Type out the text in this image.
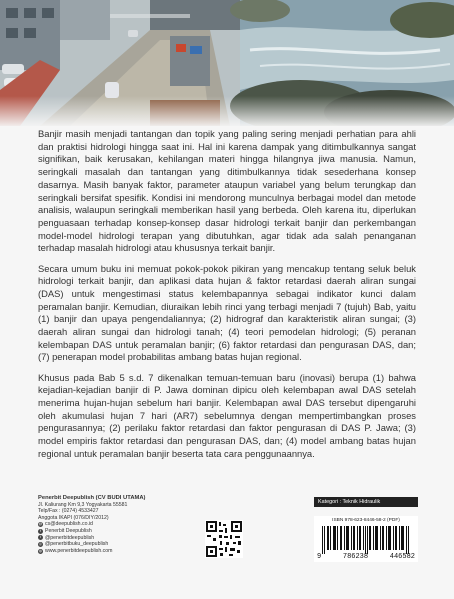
Banjir masih menjadi tantangan dan topik yang paling sering menjadi perhatian para ahli dan praktisi hidrologi hingga saat ini. Hal ini karena dampak yang ditimbulkannya sangat signifikan, baik kerusakan, kehilangan materi hingga hilangnya jiwa manusia. Namun, seringkali masalah dan tantangan yang ditimbulkannya tidak sesederhana konsep dasarnya. Masih banyak faktor, parameter ataupun variabel yang belum terungkap dan seringkali bersifat spesifik. Kondisi ini mendorong munculnya berbagai model dan metode analisis, walaupun seringkali memberikan hasil yang berbeda. Oleh karena itu, diperlukan penguasaan terhadap konsep-konsep dasar hidrologi terkait banjir dan perkembangan model-model hidrologi terapan yang dibutuhkan, agar tidak ada salah penanganan terhadap masalah hidrologi atau khususnya terkait banjir.

Secara umum buku ini memuat pokok-pokok pikiran yang mencakup tentang seluk beluk hidrologi terkait banjir, dan aplikasi data hujan & faktor retardasi daerah aliran sungai (DAS) untuk mengestimasi status kelembapannya sebagai indikator kunci dalam peramalan banjir. Kemudian, diuraikan lebih rinci yang terbagi menjadi 7 (tujuh) Bab, yaitu (1) banjir dan upaya pengendaliannya; (2) hidrograf dan karakteristik aliran sungai; (3) daerah aliran sungai dan hidrologi tanah; (4) teori pemodelan hidrologi; (5) peranan kelembapan DAS untuk peramalan banjir; (6) faktor retardasi dan pengurasan DAS, dan; (7) penerapan model probabilitas ambang batas hujan regional.

Khusus pada Bab 5 s.d. 7 dikenalkan temuan-temuan baru (inovasi) berupa (1) bahwa kejadian-kejadian banjir di P. Jawa dominan dipicu oleh kelembapan awal DAS setelah menerima hujan-hujan sebelum hari banjir. Kelembapan awal DAS tersebut dipengaruhi oleh akumulasi hujan 7 hari (AR7) sebelumnya dengan mempertimbangkan proses pengurasannya; (2) perilaku faktor retardasi dan faktor pengurasan di DAS P. Jawa; (3) model empiris faktor retardasi dan pengurasan DAS, dan; (4) model ambang batas hujan regional untuk peramalan banjir beserta tata cara penggunaannya.

Penerbit Deepublish (CV BUDI UTAMA)
Jl. Kaliurang Km 9,3 Yogyakarta 55581
Telp/Fax : (0274) 4533427
Anggota IKAPI (076/DIY/2012)
@ cs@deepublish.co.id
f Penerbit Deepublish
t @penerbitdeepublish
◎ @penerbitbuku_deepublish
◍ www.penerbitdeepublish.com
Kategori : Teknik Hidraulik
ISBN 978-623-8446-58-2 (PDF)
9	786238	446582
